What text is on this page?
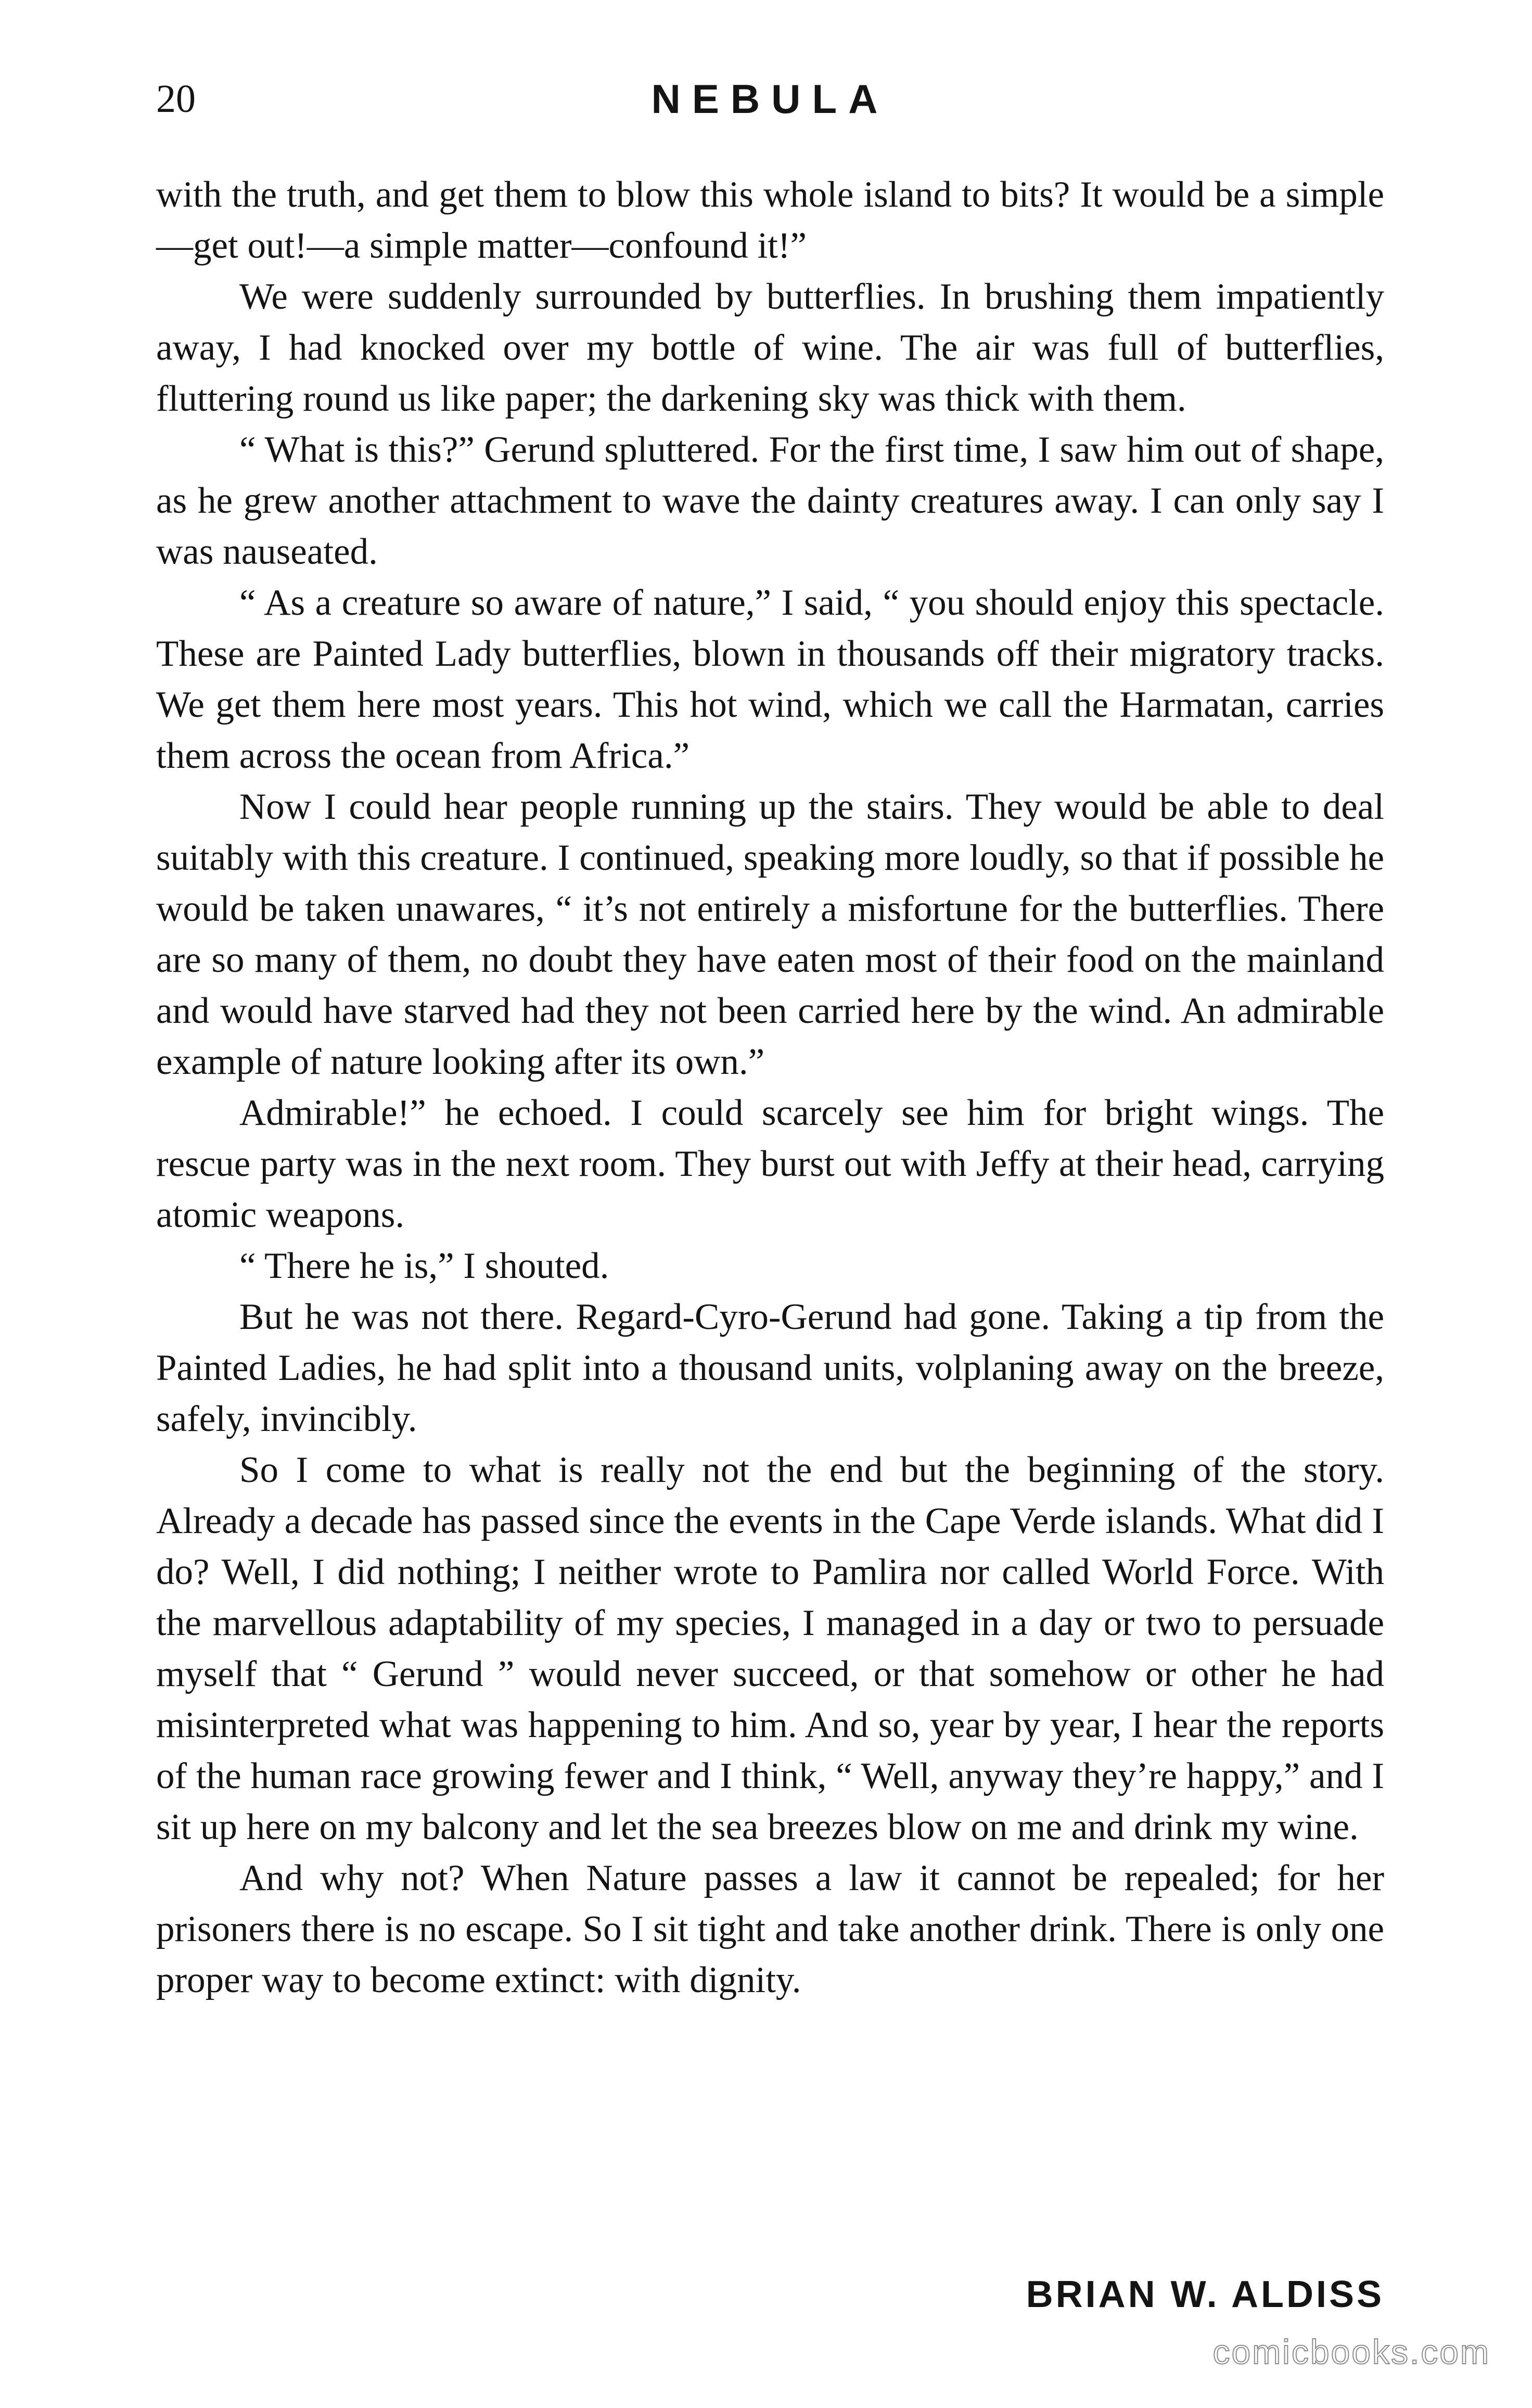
20	NEBULA

with the truth, and get them to blow this whole island to bits? It would be a simple—get out!—a simple matter—confound it!”

We were suddenly surrounded by butterflies. In brushing them impatiently away, I had knocked over my bottle of wine. The air was full of butterflies, fluttering round us like paper; the darkening sky was thick with them.

“ What is this?” Gerund spluttered. For the first time, I saw him out of shape, as he grew another attachment to wave the dainty creatures away. I can only say I was nauseated.

“ As a creature so aware of nature,” I said, “ you should enjoy this spectacle. These are Painted Lady butterflies, blown in thousands off their migratory tracks. We get them here most years. This hot wind, which we call the Harmatan, carries them across the ocean from Africa.”

Now I could hear people running up the stairs. They would be able to deal suitably with this creature. I continued, speaking more loudly, so that if possible he would be taken unawares, “ it’s not entirely a misfortune for the butterflies. There are so many of them, no doubt they have eaten most of their food on the mainland and would have starved had they not been carried here by the wind. An admirable example of nature looking after its own.”

Admirable!” he echoed. I could scarcely see him for bright wings. The rescue party was in the next room. They burst out with Jeffy at their head, carrying atomic weapons.

“ There he is,” I shouted.

But he was not there. Regard-Cyro-Gerund had gone. Taking a tip from the Painted Ladies, he had split into a thousand units, volplaning away on the breeze, safely, invincibly.

So I come to what is really not the end but the beginning of the story. Already a decade has passed since the events in the Cape Verde islands. What did I do? Well, I did nothing; I neither wrote to Pamlira nor called World Force. With the marvellous adaptability of my species, I managed in a day or two to persuade myself that “ Gerund ” would never succeed, or that somehow or other he had misinterpreted what was happening to him. And so, year by year, I hear the reports of the human race growing fewer and I think, “ Well, anyway they’re happy,” and I sit up here on my balcony and let the sea breezes blow on me and drink my wine.

And why not? When Nature passes a law it cannot be repealed; for her prisoners there is no escape. So I sit tight and take another drink. There is only one proper way to become extinct: with dignity.

BRIAN W. ALDISS
comicbooks.com
